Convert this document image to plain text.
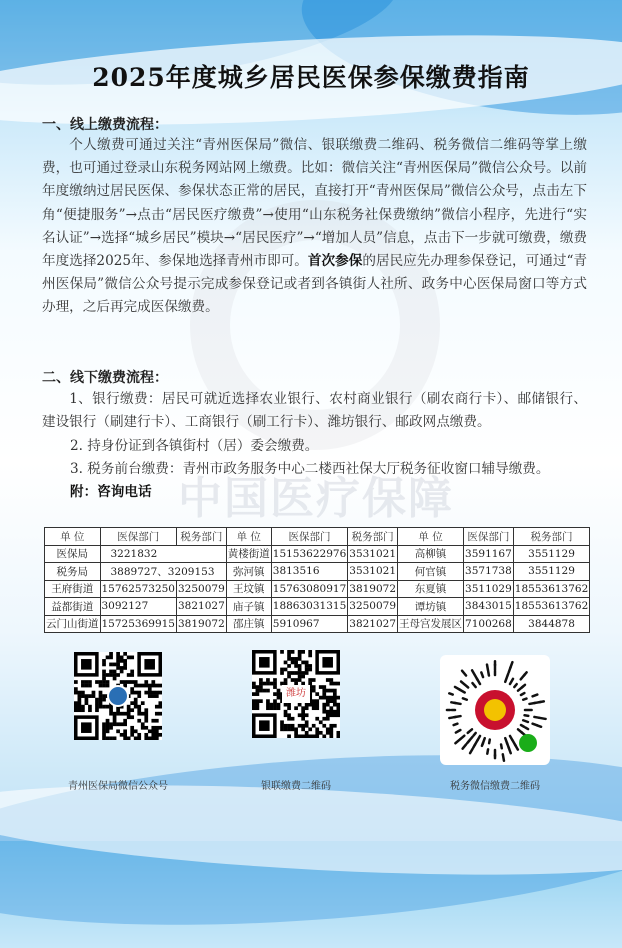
中国医疗保障
2025年度城乡居民医保参保缴费指南
一、线上缴费流程：
个人缴费可通过关注“青州医保局”微信、银联缴费二维码、税务微信二维码等掌上缴费，也可通过登录山东税务网站网上缴费。比如：微信关注“青州医保局”微信公众号。以前年度缴纳过居民医保、参保状态正常的居民，直接打开“青州医保局”微信公众号，点击左下角“便捷服务”→点击“居民医疗缴费”→使用“山东税务社保费缴纳”微信小程序，先进行“实名认证”→选择“城乡居民”模块→“居民医疗”→“增加人员”信息，点击下一步就可缴费，缴费年度选择2025年、参保地选择青州市即可。首次参保的居民应先办理参保登记，可通过“青州医保局”微信公众号提示完成参保登记或者到各镇街人社所、政务中心医保局窗口等方式办理，之后再完成医保缴费。
二、线下缴费流程：
1、银行缴费：居民可就近选择农业银行、农村商业银行（刷农商行卡）、邮储银行、建设银行（刷建行卡）、工商银行（刷工行卡）、潍坊银行、邮政网点缴费。
2. 持身份证到各镇街村（居）委会缴费。
3. 税务前台缴费：青州市政务服务中心二楼西社保大厅税务征收窗口辅导缴费。
附：咨询电话
单 位	医保部门	税务部门	单 位	医保部门	税务部门	单 位	医保部门	税务部门
医保局	3221832		黄楼街道	15153622976	3531021	高柳镇	3591167	3551129
税务局	3889727、3209153		弥河镇	3813516	3531021	何官镇	3571738	3551129
王府街道	15762573250	3250079	王坟镇	15763080917	3819072	东夏镇	3511029	18553613762
益都街道	3092127	3821027	庙子镇	18863031315	3250079	谭坊镇	3843015	18553613762
云门山街道	15725369915	3819072	邵庄镇	5910967	3821027	王母宫发展区	7100268	3844878
青州医保局微信公众号
潍坊
银联缴费二维码	税务微信缴费二维码
